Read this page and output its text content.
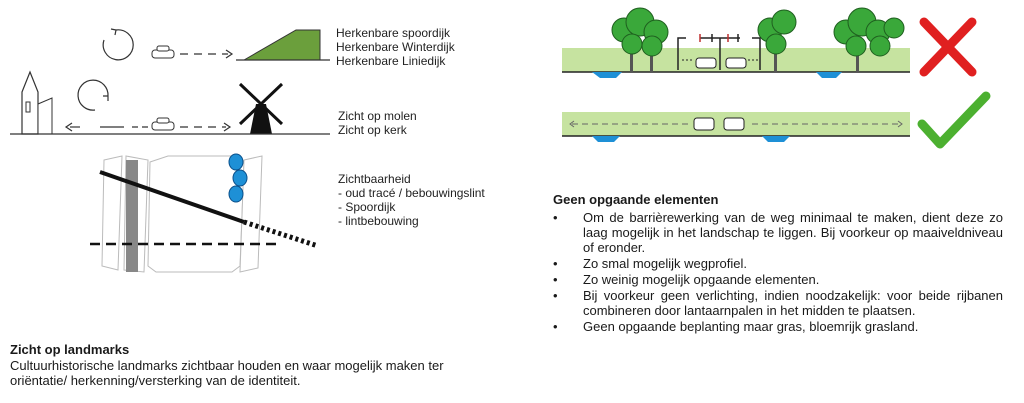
Herkenbare spoordijk
Herkenbare Winterdijk
Herkenbare Liniedijk
Zicht op molen
Zicht op kerk
Zichtbaarheid
- oud tracé / bebouwingslint
- Spoordijk
- lintbebouwing
Zicht op landmarks
Cultuurhistorische landmarks zichtbaar houden en waar mogelijk maken ter oriëntatie/ herkenning/versterking van de identiteit.
Geen opgaande elementen
• Om de barrièrewerking van de weg minimaal te maken, dient deze zo laag mogelijk in het landschap te liggen. Bij voorkeur op maaiveldniveau of eronder.
• Zo smal mogelijk wegprofiel.
• Zo weinig mogelijk opgaande elementen.
• Bij voorkeur geen verlichting, indien noodzakelijk: voor beide rijbanen combineren door lantaarnpalen in het midden te plaatsen.
• Geen opgaande beplanting maar gras, bloemrijk grasland.
